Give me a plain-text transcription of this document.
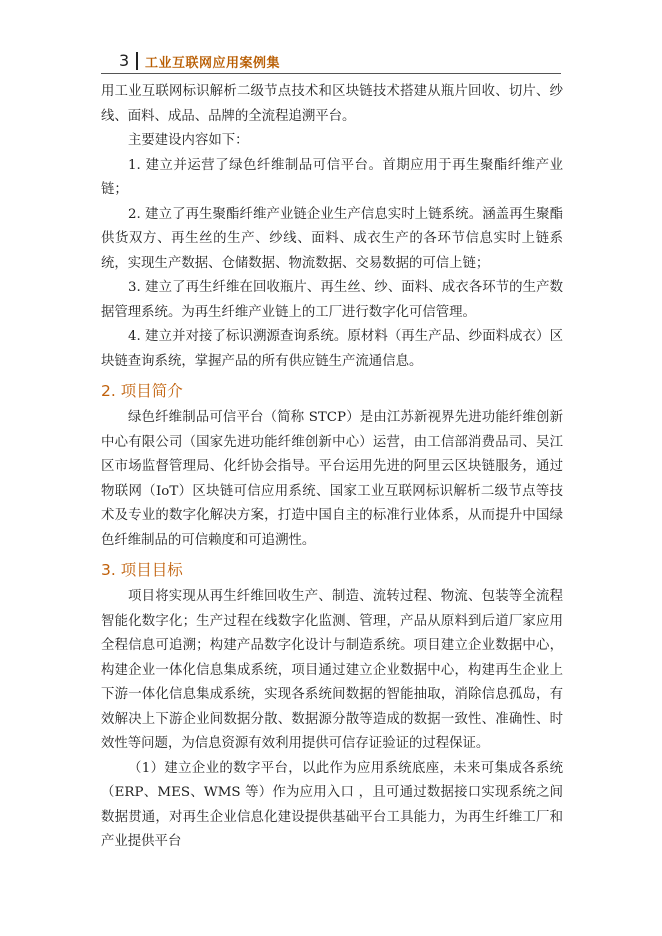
3 工业互联网应用案例集

用工业互联网标识解析二级节点技术和区块链技术搭建从瓶片回收、切片、纱线、面料、成品、品牌的全流程追溯平台。

主要建设内容如下：

1. 建立并运营了绿色纤维制品可信平台。首期应用于再生聚酯纤维产业链；

2. 建立了再生聚酯纤维产业链企业生产信息实时上链系统。涵盖再生聚酯供货双方、再生丝的生产、纱线、面料、成衣生产的各环节信息实时上链系统，实现生产数据、仓储数据、物流数据、交易数据的可信上链；

3. 建立了再生纤维在回收瓶片、再生丝、纱、面料、成衣各环节的生产数据管理系统。为再生纤维产业链上的工厂进行数字化可信管理。

4. 建立并对接了标识溯源查询系统。原材料（再生产品、纱面料成衣）区块链查询系统，掌握产品的所有供应链生产流通信息。

2. 项目简介

绿色纤维制品可信平台（简称 STCP）是由江苏新视界先进功能纤维创新中心有限公司（国家先进功能纤维创新中心）运营，由工信部消费品司、吴江区市场监督管理局、化纤协会指导。平台运用先进的阿里云区块链服务，通过物联网（IoT）区块链可信应用系统、国家工业互联网标识解析二级节点等技术及专业的数字化解决方案，打造中国自主的标准行业体系，从而提升中国绿色纤维制品的可信赖度和可追溯性。

3. 项目目标

项目将实现从再生纤维回收生产、制造、流转过程、物流、包装等全流程智能化数字化；生产过程在线数字化监测、管理，产品从原料到后道厂家应用全程信息可追溯；构建产品数字化设计与制造系统。项目建立企业数据中心，构建企业一体化信息集成系统，项目通过建立企业数据中心，构建再生企业上下游一体化信息集成系统，实现各系统间数据的智能抽取，消除信息孤岛，有效解决上下游企业间数据分散、数据源分散等造成的数据一致性、准确性、时效性等问题，为信息资源有效利用提供可信存证验证的过程保证。

（1）建立企业的数字平台，以此作为应用系统底座，未来可集成各系统（ERP、MES、WMS 等）作为应用入口 ，且可通过数据接口实现系统之间数据贯通，对再生企业信息化建设提供基础平台工具能力，为再生纤维工厂和产业提供平台
